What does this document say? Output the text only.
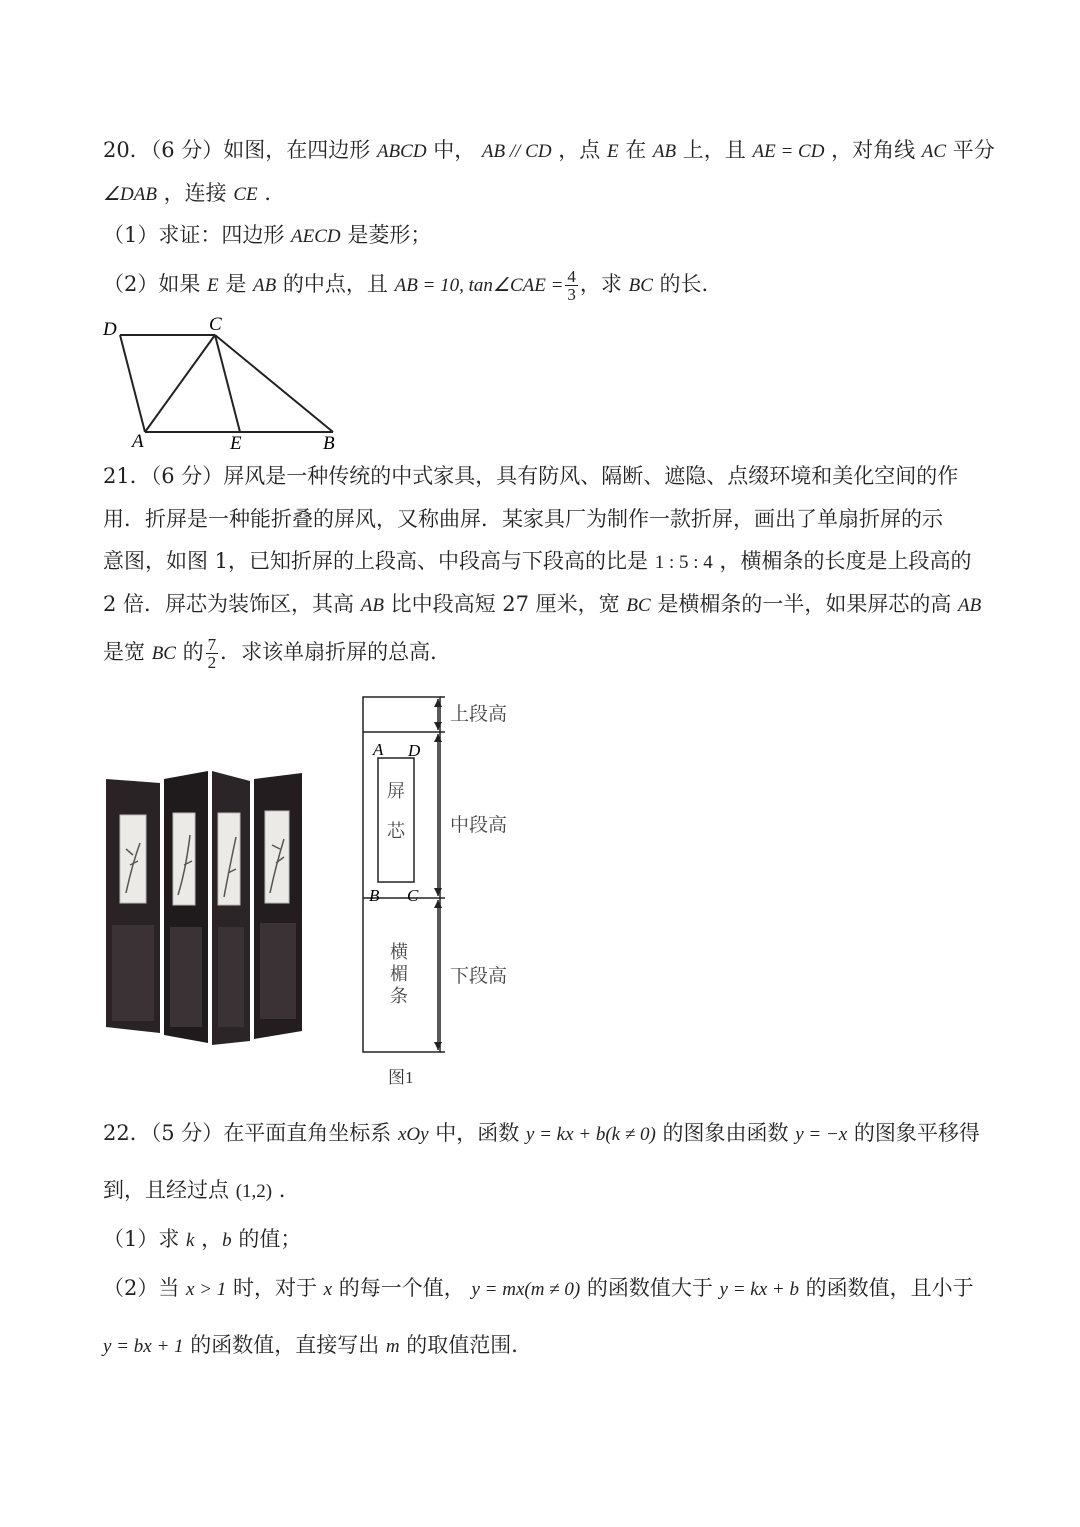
20．（6 分）如图，在四边形 ABCD 中， AB // CD ，点 E 在 AB 上，且 AE = CD ，对角线 AC 平分
∠DAB ，连接 CE .
（1）求证：四边形 AECD 是菱形；
（2）如果 E 是 AB 的中点，且 AB = 10, tan∠CAE = $\frac{4}{3}$ ，求 BC 的长.
D	C
A	E	B
21．（6 分）屏风是一种传统的中式家具，具有防风、隔断、遮隐、点缀环境和美化空间的作
用．折屏是一种能折叠的屏风，又称曲屏．某家具厂为制作一款折屏，画出了单扇折屏的示
意图，如图 1，已知折屏的上段高、中段高与下段高的比是 1 : 5 : 4 ，横楣条的长度是上段高的
2 倍．屏芯为装饰区，其高 AB 比中段高短 27 厘米，宽 BC 是横楣条的一半，如果屏芯的高 AB
是宽 BC 的 $\frac{7}{2}$ ．求该单扇折屏的总高．
上段高
中段高
下段高
A D
B C
屏
芯
横
楣
条
图1
22．（5 分）在平面直角坐标系 xOy 中，函数 y = kx + b(k ≠ 0) 的图象由函数 y = −x 的图象平移得
到，且经过点 (1,2) .
（1）求 k ，b 的值；
（2）当 x > 1 时，对于 x 的每一个值， y = mx(m ≠ 0) 的函数值大于 y = kx + b 的函数值，且小于
y = bx + 1 的函数值，直接写出 m 的取值范围．
